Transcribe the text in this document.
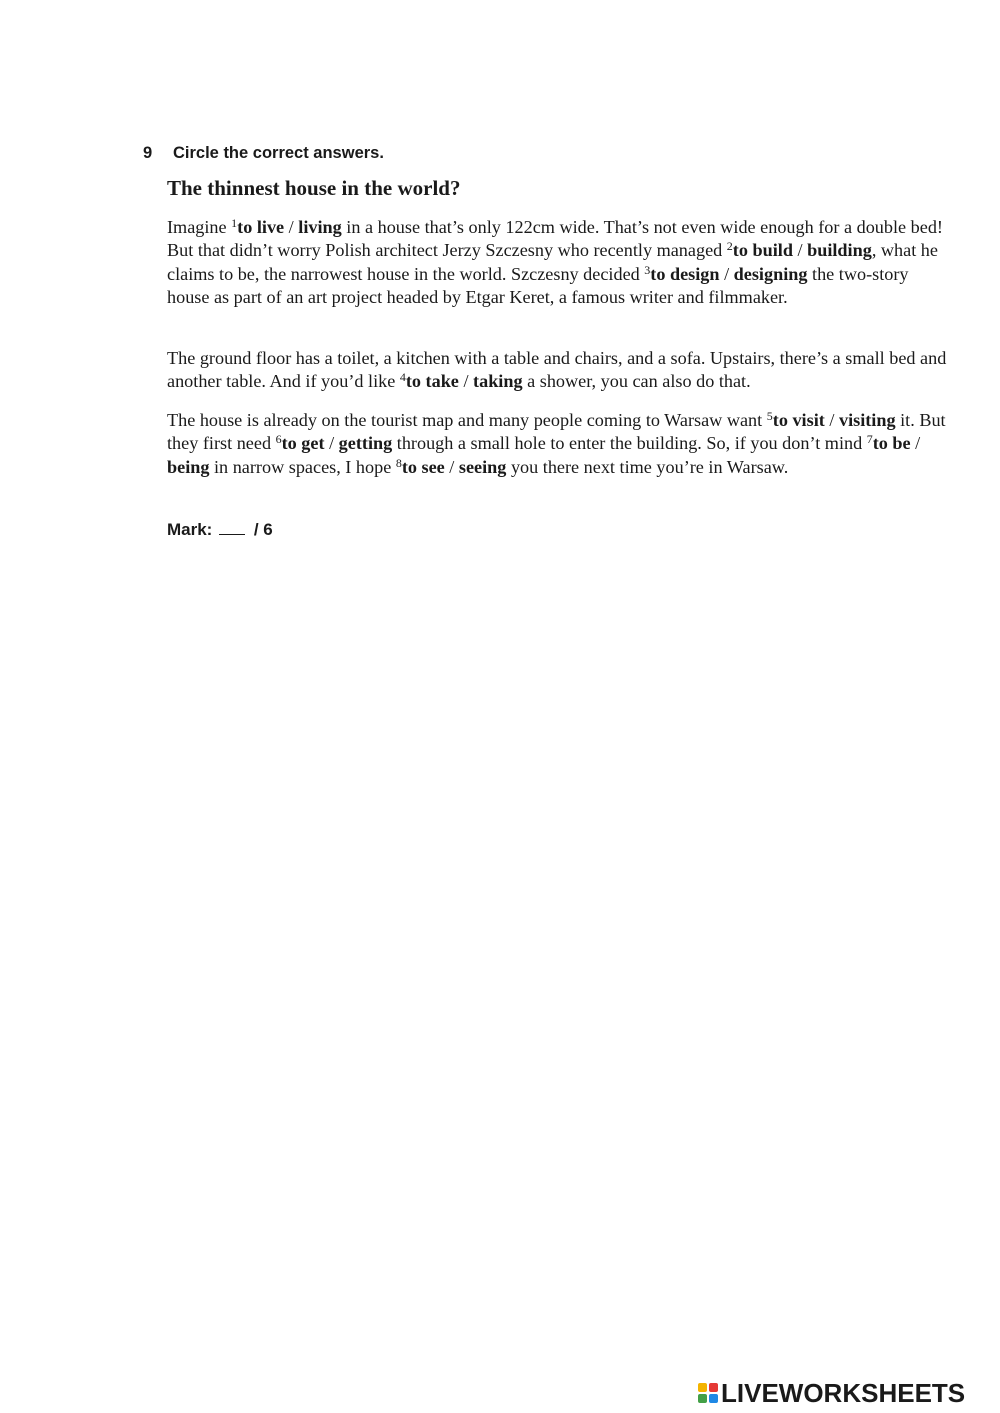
9 Circle the correct answers.
The thinnest house in the world?

Imagine $^1$to live / living in a house that’s only 122cm wide. That’s not even wide enough for a double bed! But that didn’t worry Polish architect Jerzy Szczesny who recently managed $^2$to build / building, what he claims to be, the narrowest house in the world. Szczesny decided $^3$to design / designing the two-story house as part of an art project headed by Etgar Keret, a famous writer and filmmaker.

The ground floor has a toilet, a kitchen with a table and chairs, and a sofa. Upstairs, there’s a small bed and another table. And if you’d like $^4$to take / taking a shower, you can also do that.

The house is already on the tourist map and many people coming to Warsaw want $^5$to visit / visiting it. But they first need $^6$to get / getting through a small hole to enter the building. So, if you don’t mind $^7$to be / being in narrow spaces, I hope $^8$to see / seeing you there next time you’re in Warsaw.

Mark: / 6
LIVEWORKSHEETS
